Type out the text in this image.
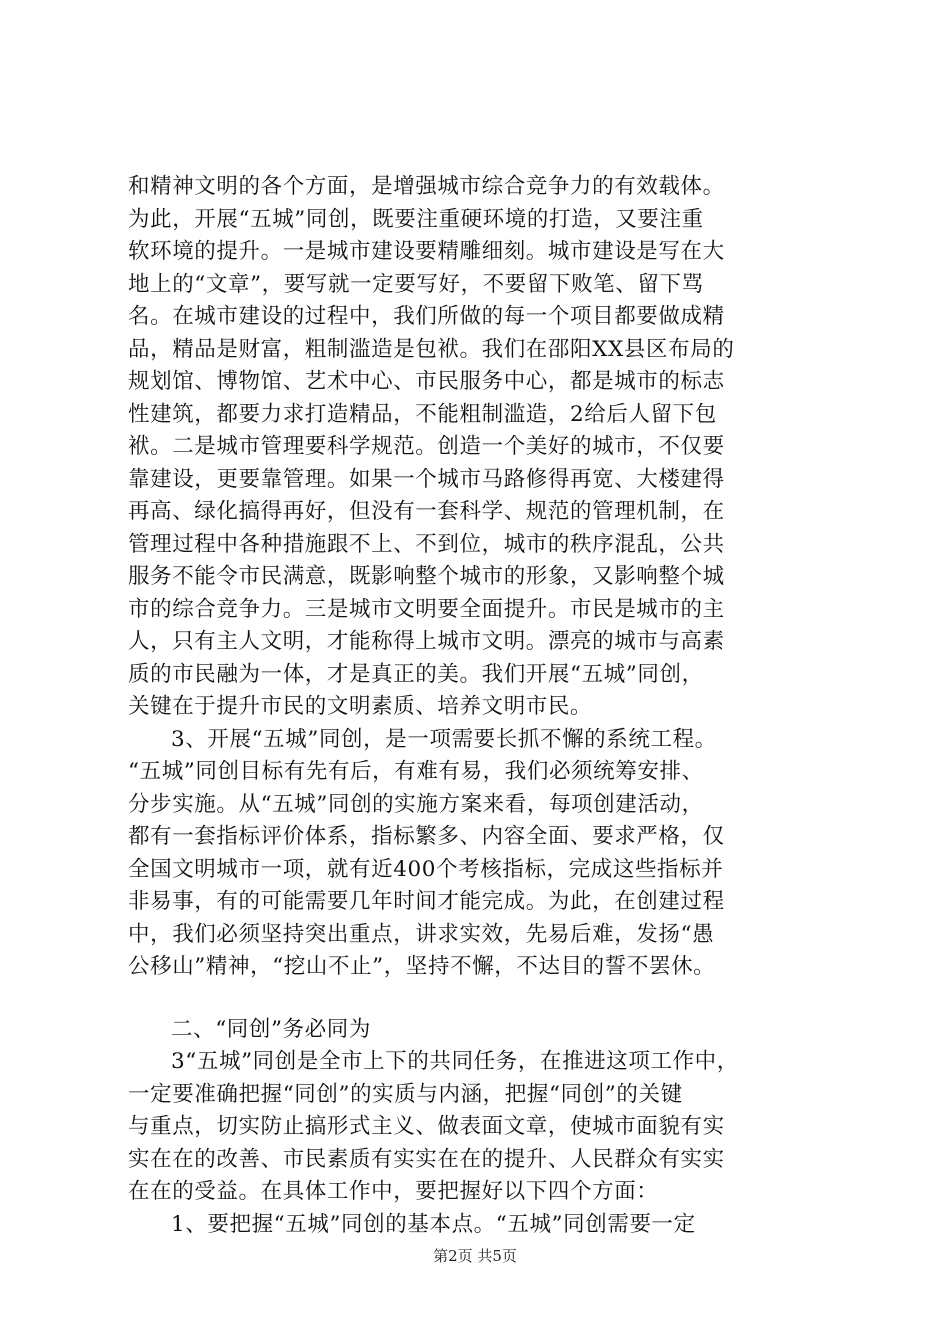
和精神文明的各个方面，是增强城市综合竞争力的有效载体。
为此，开展“五城”同创，既要注重硬环境的打造，又要注重
软环境的提升。一是城市建设要精雕细刻。城市建设是写在大
地上的“文章”，要写就一定要写好，不要留下败笔、留下骂
名。在城市建设的过程中，我们所做的每一个项目都要做成精
品，精品是财富，粗制滥造是包袱。我们在邵阳XX县区布局的
规划馆、博物馆、艺术中心、市民服务中心，都是城市的标志
性建筑，都要力求打造精品，不能粗制滥造，2给后人留下包
袱。二是城市管理要科学规范。创造一个美好的城市，不仅要
靠建设，更要靠管理。如果一个城市马路修得再宽、大楼建得
再高、绿化搞得再好，但没有一套科学、规范的管理机制，在
管理过程中各种措施跟不上、不到位，城市的秩序混乱，公共
服务不能令市民满意，既影响整个城市的形象，又影响整个城
市的综合竞争力。三是城市文明要全面提升。市民是城市的主
人，只有主人文明，才能称得上城市文明。漂亮的城市与高素
质的市民融为一体，才是真正的美。我们开展“五城”同创，
关键在于提升市民的文明素质、培养文明市民。
3、开展“五城”同创，是一项需要长抓不懈的系统工程。
“五城”同创目标有先有后，有难有易，我们必须统筹安排、
分步实施。从“五城”同创的实施方案来看，每项创建活动，
都有一套指标评价体系，指标繁多、内容全面、要求严格，仅
全国文明城市一项，就有近400个考核指标，完成这些指标并
非易事，有的可能需要几年时间才能完成。为此，在创建过程
中，我们必须坚持突出重点，讲求实效，先易后难，发扬“愚
公移山”精神，“挖山不止”，坚持不懈，不达目的誓不罢休。
二、“同创”务必同为
3“五城”同创是全市上下的共同任务，在推进这项工作中，
一定要准确把握“同创”的实质与内涵，把握“同创”的关键
与重点，切实防止搞形式主义、做表面文章，使城市面貌有实
实在在的改善、市民素质有实实在在的提升、人民群众有实实
在在的受益。在具体工作中，要把握好以下四个方面：
1、要把握“五城”同创的基本点。“五城”同创需要一定
第2页 共5页
